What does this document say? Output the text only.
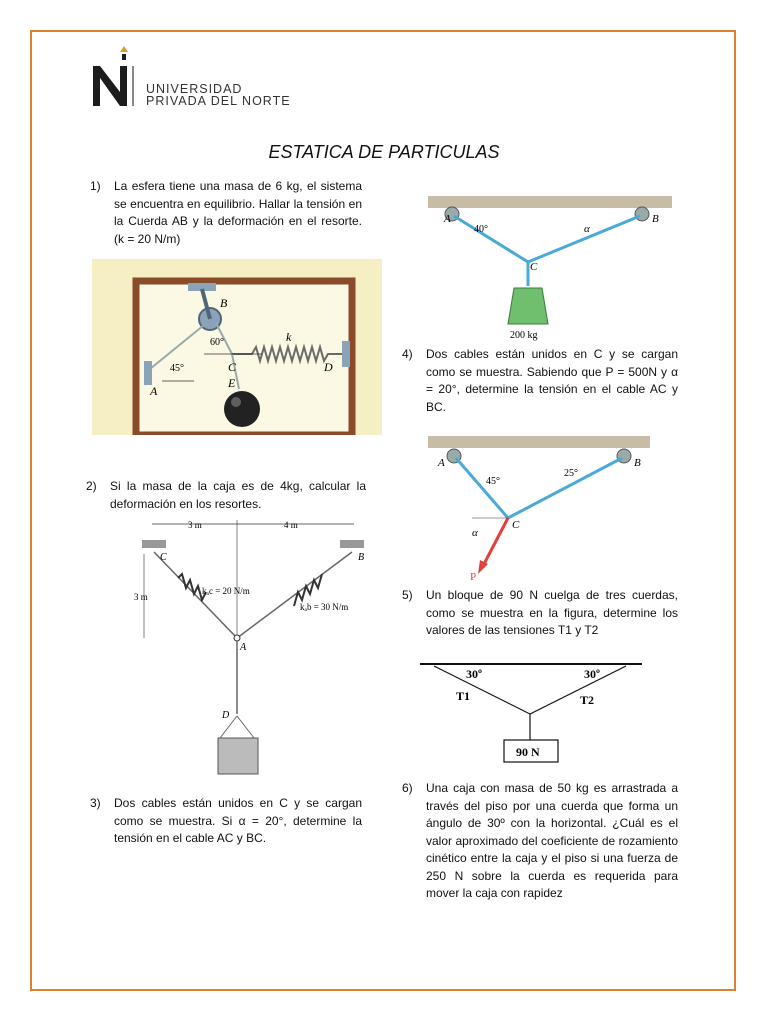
UNIVERSIDAD
PRIVADA DEL NORTE
ESTATICA DE PARTICULAS
1)	La esfera tiene una masa de 6 kg, el sistema se encuentra en equilibrio. Hallar la tensión en la Cuerda AB y la deformación en el resorte. (k = 20 N/m)
B
60°
C
E
k
D
45°
A
2)	Si la masa de la caja es de 4kg, calcular la deformación en los resortes.
3 m	4 m
3 m
C	B
A
D
kₐc = 20 N/m
kₐb = 30 N/m
3)	Dos cables están unidos en C y se cargan como se muestra. Si α = 20°, determine la tensión en el cable AC y BC.
A	B
C
40°	α
200 kg
4)	Dos cables están unidos en C y se cargan como se muestra. Sabiendo que P = 500N y α = 20°, determine la tensión en el cable AC y BC.
A	B
C
45°
25°
α
P
5)	Un bloque de 90 N cuelga de tres cuerdas, como se muestra en la figura, determine los valores de las tensiones T1 y T2
30º	30º
T1	T2
90 N
6)	Una caja con masa de 50 kg es arrastrada a través del piso por una cuerda que forma un ángulo de 30º con la horizontal. ¿Cuál es el valor aproximado del coeficiente de rozamiento cinético entre la caja y el piso si una fuerza de 250 N sobre la cuerda es requerida para mover la caja con rapidez
